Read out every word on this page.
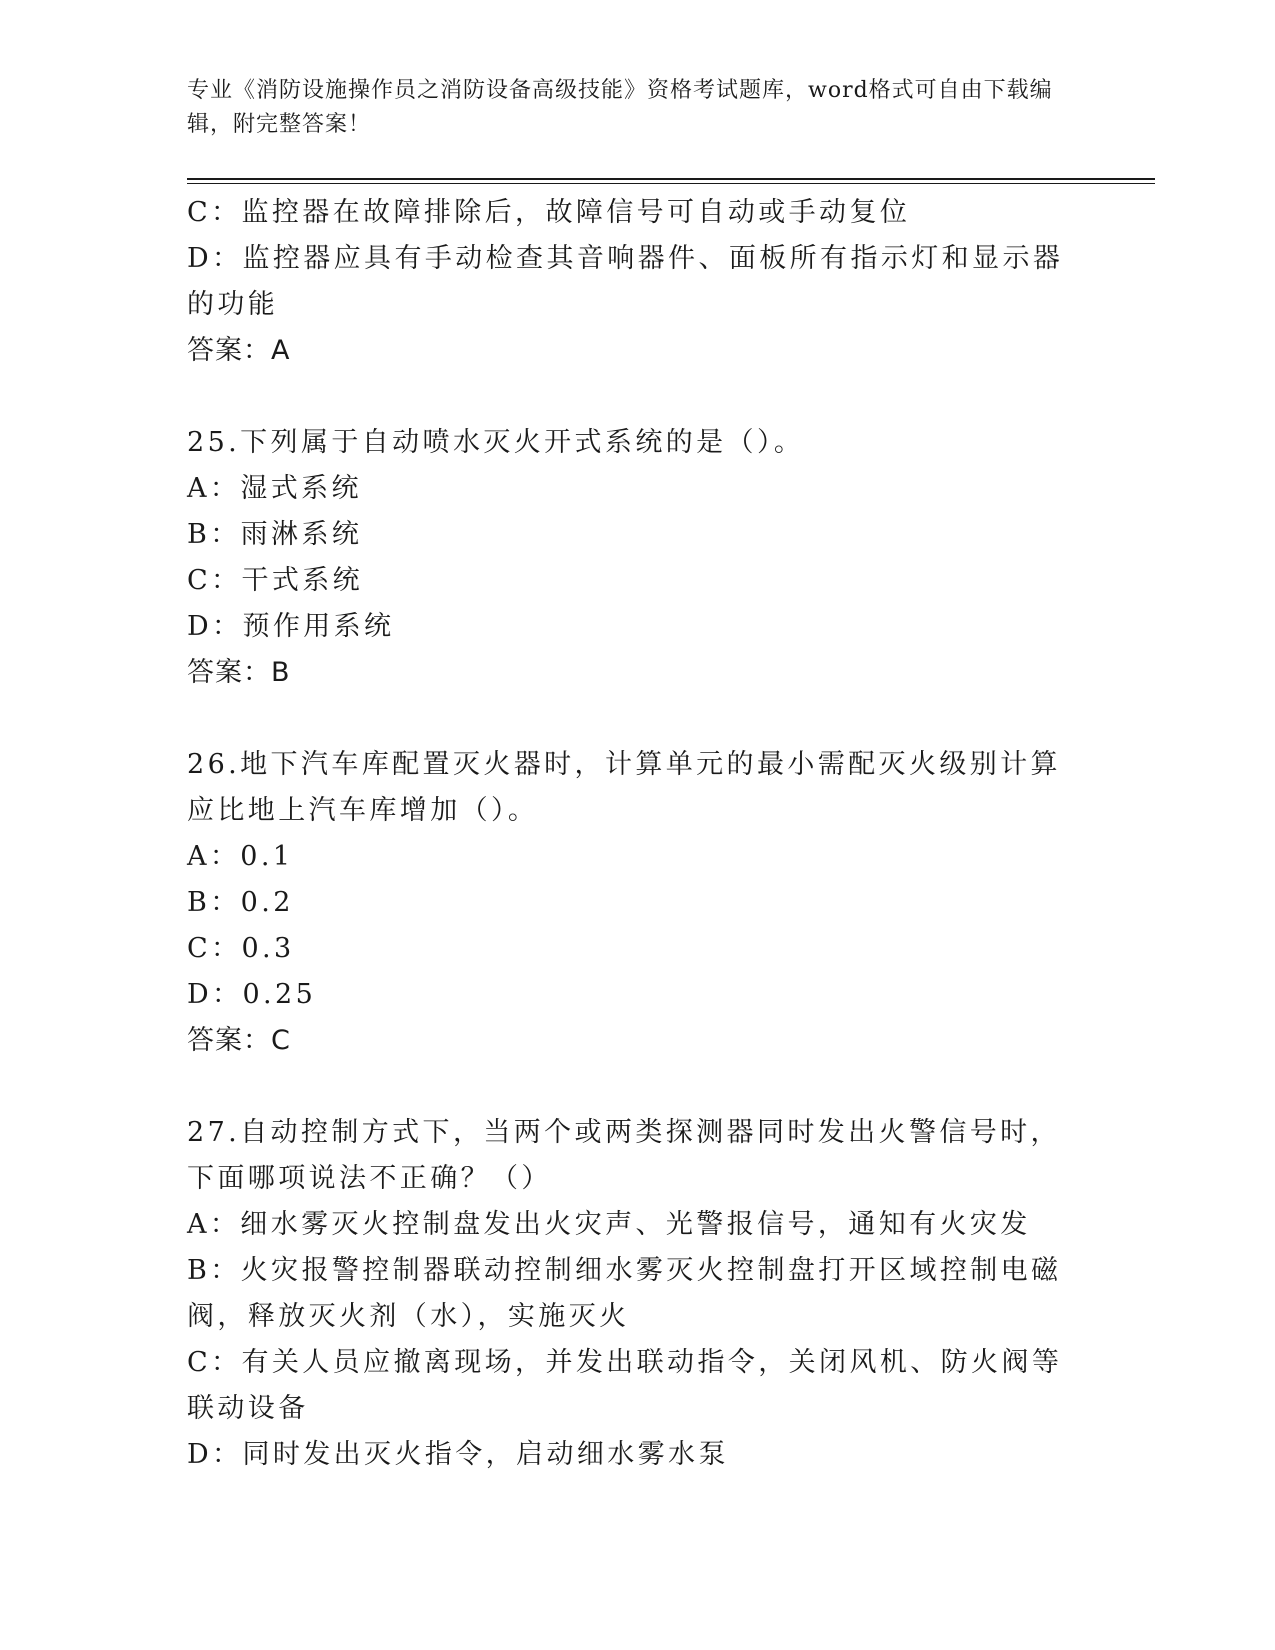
专业《消防设施操作员之消防设备高级技能》资格考试题库，word格式可自由下载编辑，附完整答案！
C：监控器在故障排除后，故障信号可自动或手动复位
D：监控器应具有手动检查其音响器件、面板所有指示灯和显示器的功能
答案：A
25.下列属于自动喷水灭火开式系统的是（）。
A：湿式系统
B：雨淋系统
C：干式系统
D：预作用系统
答案：B
26.地下汽车库配置灭火器时，计算单元的最小需配灭火级别计算应比地上汽车库增加（）。
A：0.1
B：0.2
C：0.3
D：0.25
答案：C
27.自动控制方式下，当两个或两类探测器同时发出火警信号时，下面哪项说法不正确？（）
A：细水雾灭火控制盘发出火灾声、光警报信号，通知有火灾发
B：火灾报警控制器联动控制细水雾灭火控制盘打开区域控制电磁阀，释放灭火剂（水），实施灭火
C：有关人员应撤离现场，并发出联动指令，关闭风机、防火阀等联动设备
D：同时发出灭火指令，启动细水雾水泵
